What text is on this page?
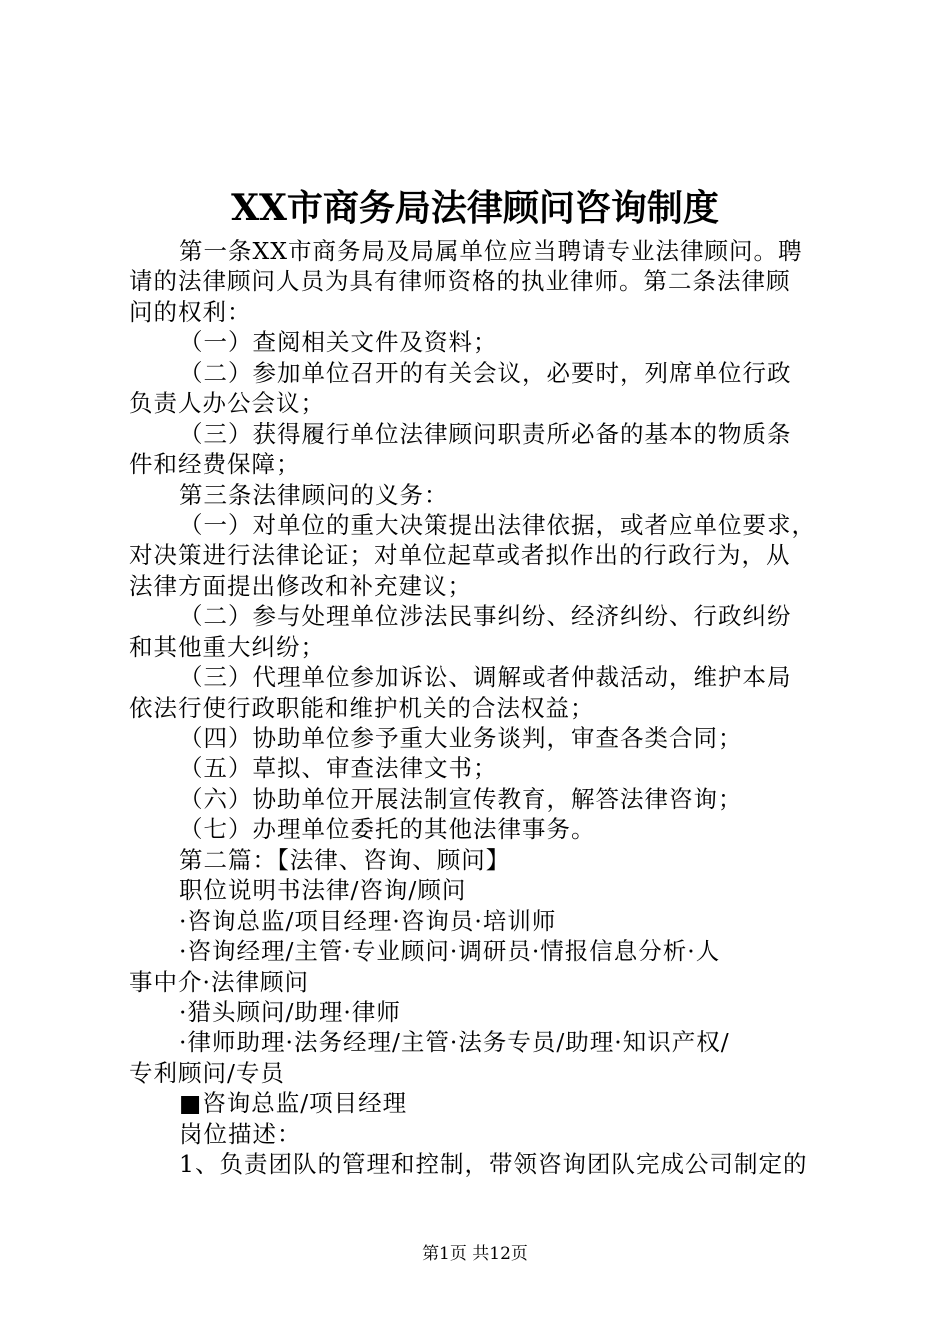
XX市商务局法律顾问咨询制度
第一条XX市商务局及局属单位应当聘请专业法律顾问。聘
请的法律顾问人员为具有律师资格的执业律师。第二条法律顾
问的权利：
（一）查阅相关文件及资料；
（二）参加单位召开的有关会议，必要时，列席单位行政
负责人办公会议；
（三）获得履行单位法律顾问职责所必备的基本的物质条
件和经费保障；
第三条法律顾问的义务：
（一）对单位的重大决策提出法律依据，或者应单位要求，
对决策进行法律论证；对单位起草或者拟作出的行政行为，从
法律方面提出修改和补充建议；
（二）参与处理单位涉法民事纠纷、经济纠纷、行政纠纷
和其他重大纠纷；
（三）代理单位参加诉讼、调解或者仲裁活动，维护本局
依法行使行政职能和维护机关的合法权益；
（四）协助单位参予重大业务谈判，审查各类合同；
（五）草拟、审查法律文书；
（六）协助单位开展法制宣传教育，解答法律咨询；
（七）办理单位委托的其他法律事务。
第二篇：【法律、咨询、顾问】
职位说明书法律/咨询/顾问
·咨询总监/项目经理·咨询员·培训师
·咨询经理/主管·专业顾问·调研员·情报信息分析·人
事中介·法律顾问
·猎头顾问/助理·律师
·律师助理·法务经理/主管·法务专员/助理·知识产权/
专利顾问/专员
■咨询总监/项目经理
岗位描述：
1、负责团队的管理和控制，带领咨询团队完成公司制定的
第1页 共12页
